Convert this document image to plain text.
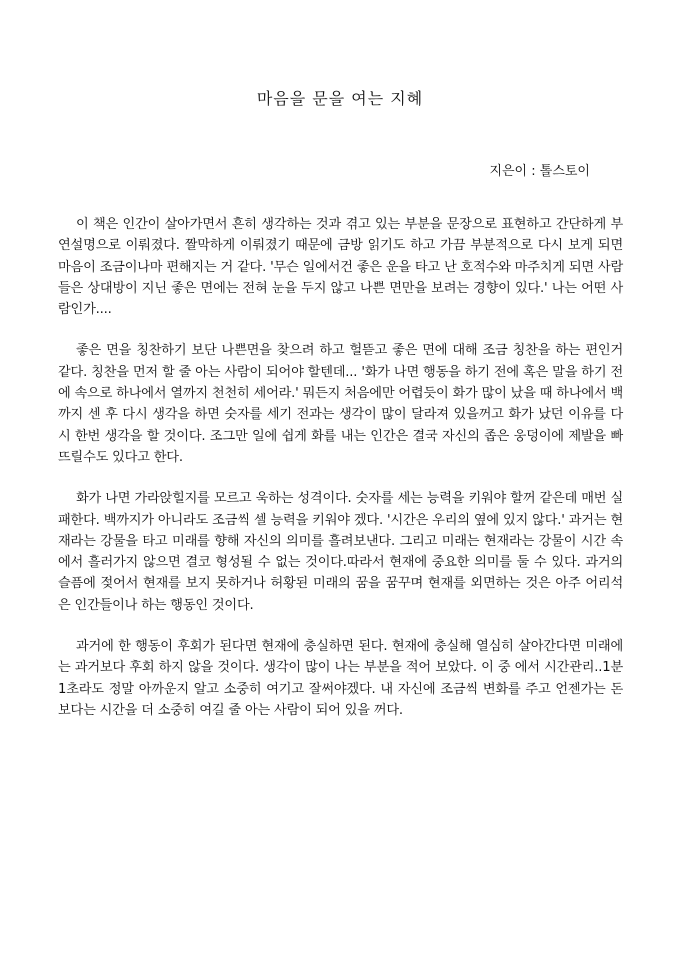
마음을 문을 여는 지혜

지은이 : 톨스토이

이 책은 인간이 살아가면서 흔히 생각하는 것과 겪고 있는 부분을 문장으로 표현하고 간단하게 부연설명으로 이뤄졌다. 짤막하게 이뤄졌기 때문에 금방 읽기도 하고 가끔 부분적으로 다시 보게 되면 마음이 조금이나마 편해지는 거 같다. '무슨 일에서건 좋은 운을 타고 난 호적수와 마주치게 되면 사람들은 상대방이 지닌 좋은 면에는 전혀 눈을 두지 않고 나쁜 면만을 보려는 경향이 있다.' 나는 어떤 사람인가....

좋은 면을 칭찬하기 보단 나쁜면을 찾으려 하고 헐뜯고 좋은 면에 대해 조금 칭찬을 하는 편인거 같다. 칭찬을 먼저 할 줄 아는 사람이 되어야 할텐데... '화가 나면 행동을 하기 전에 혹은 말을 하기 전에 속으로 하나에서 열까지 천천히 세어라.' 뭐든지 처음에만 어렵듯이 화가 많이 났을 때 하나에서 백까지 센 후 다시 생각을 하면 숫자를 세기 전과는 생각이 많이 달라져 있을꺼고 화가 났던 이유를 다시 한번 생각을 할 것이다. 조그만 일에 쉽게 화를 내는 인간은 결국 자신의 좁은 웅덩이에 제발을 빠뜨릴수도 있다고 한다.

화가 나면 가라앉힐지를 모르고 욱하는 성격이다. 숫자를 세는 능력을 키워야 할꺼 같은데 매번 실패한다. 백까지가 아니라도 조금씩 셀 능력을 키워야 겠다. '시간은 우리의 옆에 있지 않다.' 과거는 현재라는 강물을 타고 미래를 향해 자신의 의미를 흘려보낸다. 그리고 미래는 현재라는 강물이 시간 속에서 흘러가지 않으면 결코 형성될 수 없는 것이다.따라서 현재에 중요한 의미를 둘 수 있다. 과거의 슬픔에 젖어서 현재를 보지 못하거나 허황된 미래의 꿈을 꿈꾸며 현재를 외면하는 것은 아주 어리석은 인간들이나 하는 행동인 것이다.

과거에 한 행동이 후회가 된다면 현재에 충실하면 된다. 현재에 충실해 열심히 살아간다면 미래에는 과거보다 후회 하지 않을 것이다. 생각이 많이 나는 부분을 적어 보았다. 이 중 에서 시간관리..1분 1초라도 정말 아까운지 알고 소중히 여기고 잘써야겠다. 내 자신에 조금씩 변화를 주고 언젠가는 돈보다는 시간을 더 소중히 여길 줄 아는 사람이 되어 있을 꺼다.
